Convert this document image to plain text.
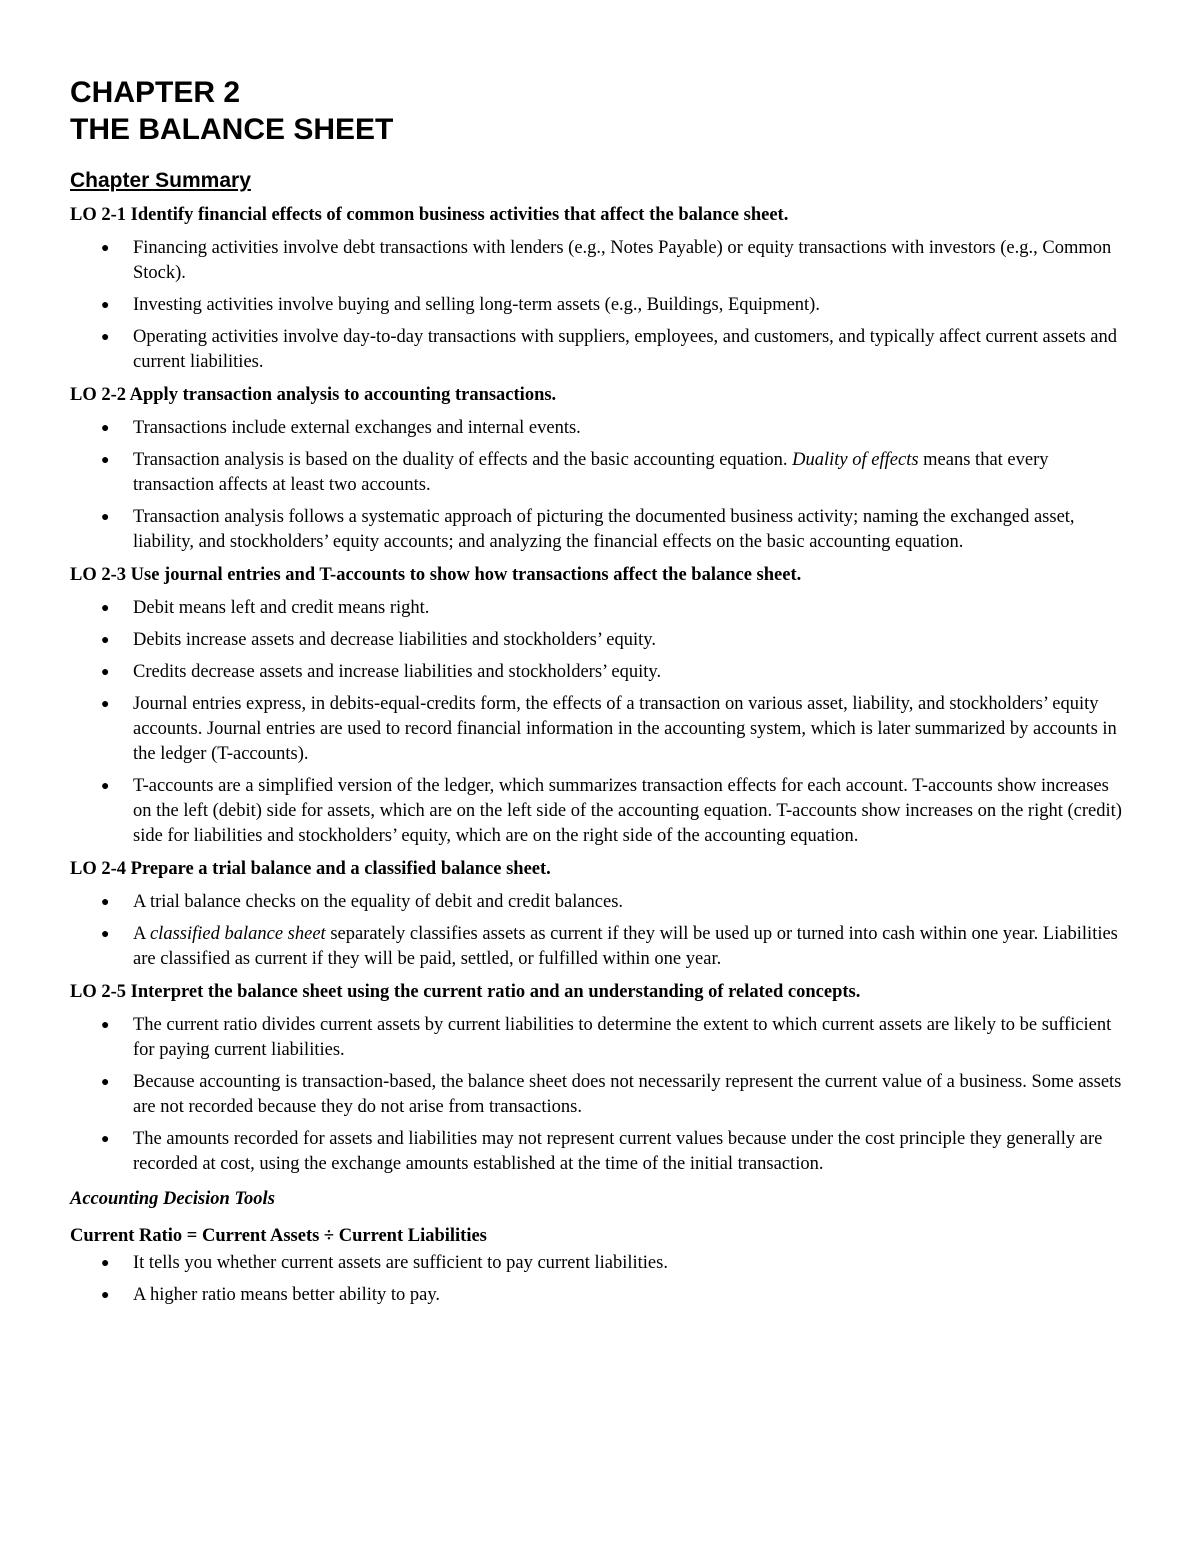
CHAPTER 2
THE BALANCE SHEET
Chapter Summary
LO 2-1 Identify financial effects of common business activities that affect the balance sheet.
● Financing activities involve debt transactions with lenders (e.g., Notes Payable) or equity transactions with investors (e.g., Common Stock).
● Investing activities involve buying and selling long-term assets (e.g., Buildings, Equipment).
● Operating activities involve day-to-day transactions with suppliers, employees, and customers, and typically affect current assets and current liabilities.
LO 2-2 Apply transaction analysis to accounting transactions.
● Transactions include external exchanges and internal events.
● Transaction analysis is based on the duality of effects and the basic accounting equation. Duality of effects means that every transaction affects at least two accounts.
● Transaction analysis follows a systematic approach of picturing the documented business activity; naming the exchanged asset, liability, and stockholders’ equity accounts; and analyzing the financial effects on the basic accounting equation.
LO 2-3 Use journal entries and T-accounts to show how transactions affect the balance sheet.
● Debit means left and credit means right.
● Debits increase assets and decrease liabilities and stockholders’ equity.
● Credits decrease assets and increase liabilities and stockholders’ equity.
● Journal entries express, in debits-equal-credits form, the effects of a transaction on various asset, liability, and stockholders’ equity accounts. Journal entries are used to record financial information in the accounting system, which is later summarized by accounts in the ledger (T-accounts).
● T-accounts are a simplified version of the ledger, which summarizes transaction effects for each account. T-accounts show increases on the left (debit) side for assets, which are on the left side of the accounting equation. T-accounts show increases on the right (credit) side for liabilities and stockholders’ equity, which are on the right side of the accounting equation.
LO 2-4 Prepare a trial balance and a classified balance sheet.
● A trial balance checks on the equality of debit and credit balances.
● A classified balance sheet separately classifies assets as current if they will be used up or turned into cash within one year. Liabilities are classified as current if they will be paid, settled, or fulfilled within one year.
LO 2-5 Interpret the balance sheet using the current ratio and an understanding of related concepts.
● The current ratio divides current assets by current liabilities to determine the extent to which current assets are likely to be sufficient for paying current liabilities.
● Because accounting is transaction-based, the balance sheet does not necessarily represent the current value of a business. Some assets are not recorded because they do not arise from transactions.
● The amounts recorded for assets and liabilities may not represent current values because under the cost principle they generally are recorded at cost, using the exchange amounts established at the time of the initial transaction.
Accounting Decision Tools
Current Ratio = Current Assets ÷ Current Liabilities
● It tells you whether current assets are sufficient to pay current liabilities.
● A higher ratio means better ability to pay.
